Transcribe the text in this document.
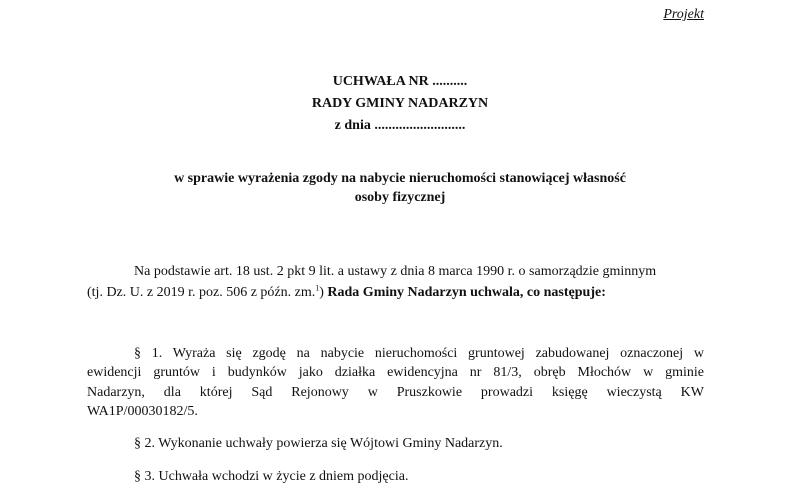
Projekt
UCHWAŁA NR ..........
RADY GMINY NADARZYN
z dnia ..........................
w sprawie wyrażenia zgody na nabycie nieruchomości stanowiącej własność
osoby fizycznej
Na podstawie art. 18 ust. 2 pkt 9 lit. a ustawy z dnia 8 marca 1990 r. o samorządzie gminnym
(tj. Dz. U. z 2019 r. poz. 506 z późn. zm.$^1$) Rada Gminy Nadarzyn uchwala, co następuje:
§ 1. Wyraża się zgodę na nabycie nieruchomości gruntowej zabudowanej oznaczonej w
ewidencji gruntów i budynków jako działka ewidencyjna nr 81/3, obręb Młochów w gminie
Nadarzyn, dla której Sąd Rejonowy w Pruszkowie prowadzi księgę wieczystą KW
WA1P/00030182/5.
§ 2. Wykonanie uchwały powierza się Wójtowi Gminy Nadarzyn.
§ 3. Uchwała wchodzi w życie z dniem podjęcia.
